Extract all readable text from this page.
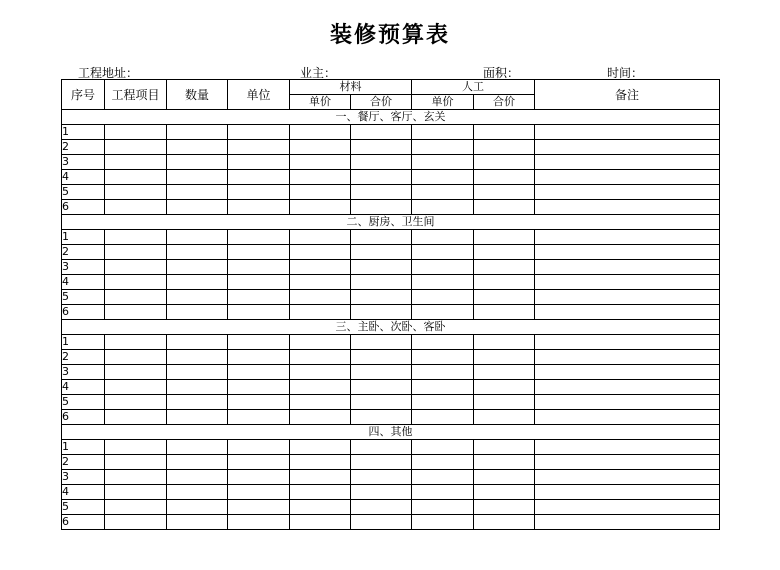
装修预算表
工程地址：	业主：	面积：	时间：
序号	工程项目	数量	单位	材料		人工		备注
				单价	合价	单价	合价	
一、餐厅、客厅、玄关								
1								
2								
3								
4								
5								
6								
二、厨房、卫生间								
1								
2								
3								
4								
5								
6								
三、主卧、次卧、客卧								
1								
2								
3								
4								
5								
6								
四、其他								
1								
2								
3								
4								
5								
6								
